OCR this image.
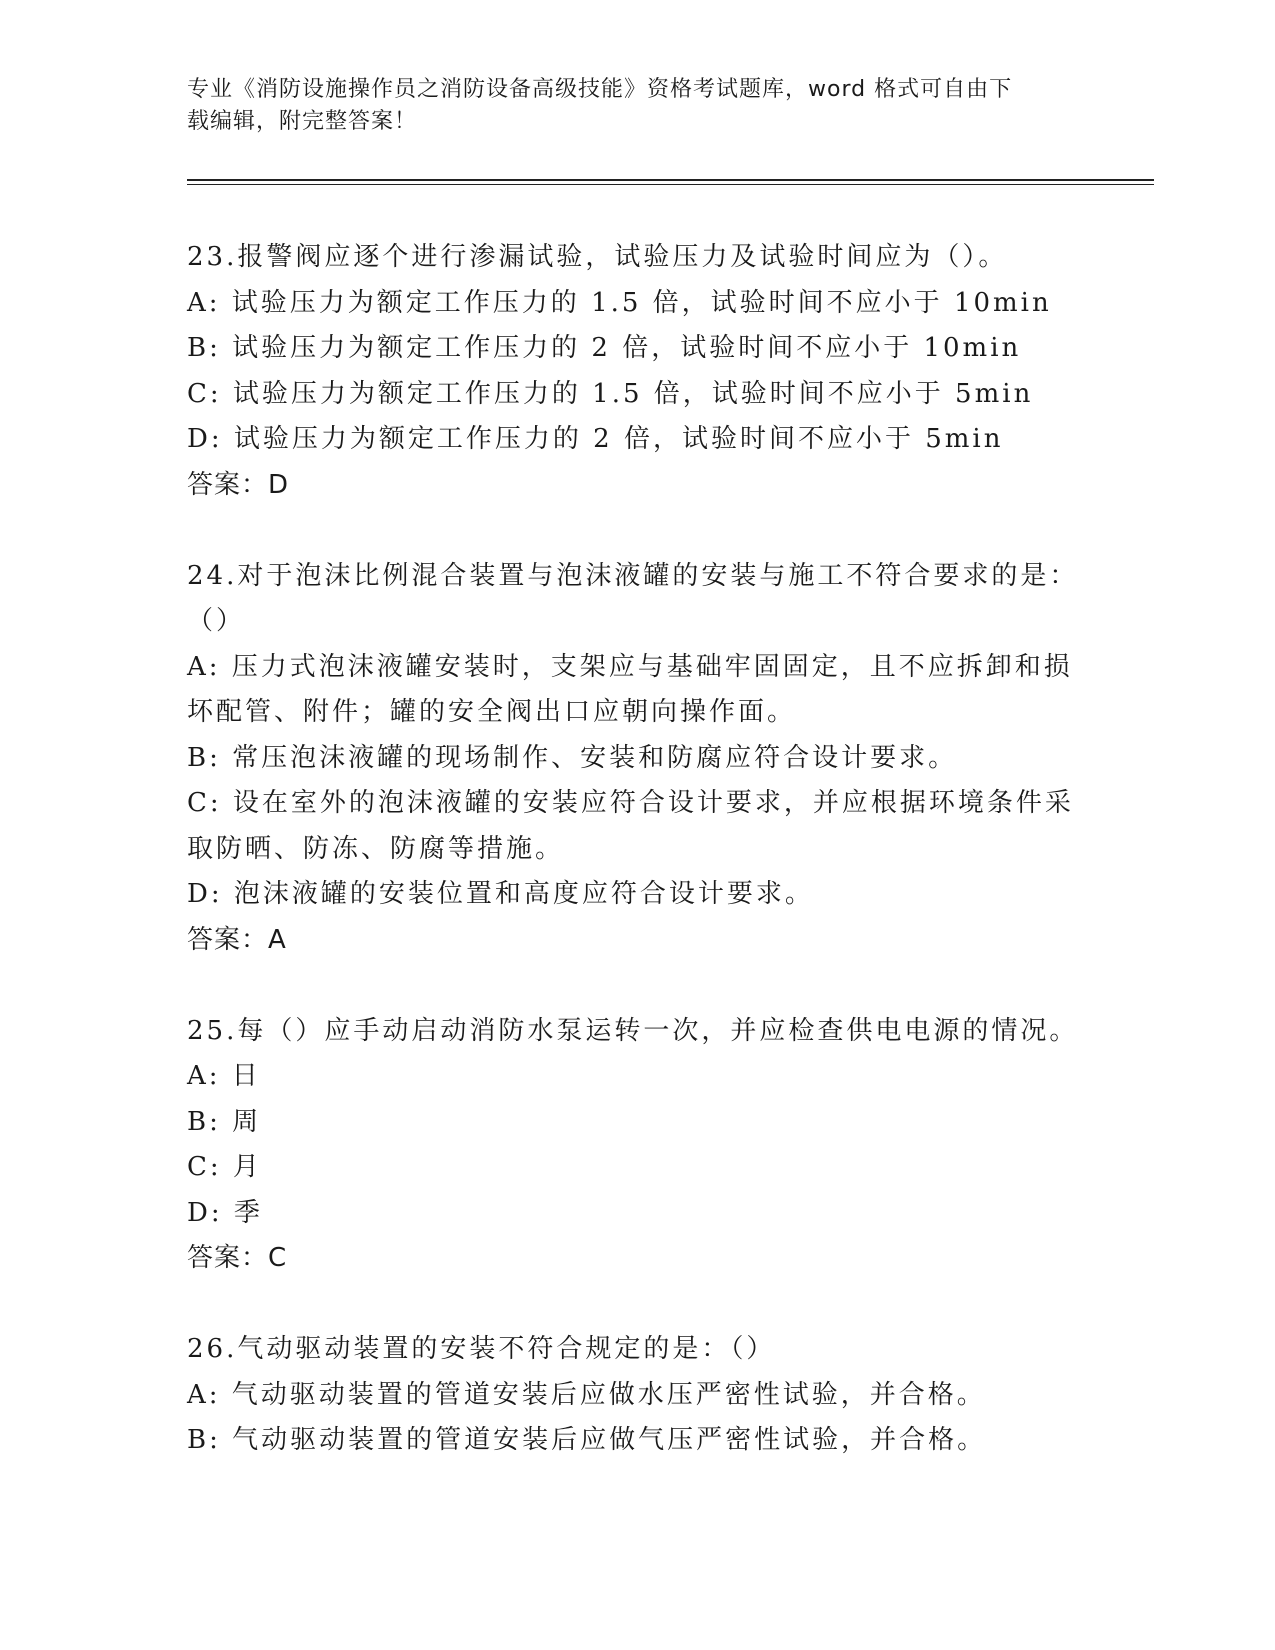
专业《消防设施操作员之消防设备高级技能》资格考试题库，word 格式可自由下
载编辑，附完整答案！
23.报警阀应逐个进行渗漏试验，试验压力及试验时间应为（）。
A: 试验压力为额定工作压力的 1.5 倍，试验时间不应小于 10min
B: 试验压力为额定工作压力的 2 倍，试验时间不应小于 10min
C: 试验压力为额定工作压力的 1.5 倍，试验时间不应小于 5min
D: 试验压力为额定工作压力的 2 倍，试验时间不应小于 5min
答案：D
24.对于泡沫比例混合装置与泡沫液罐的安装与施工不符合要求的是：
（）
A: 压力式泡沫液罐安装时，支架应与基础牢固固定，且不应拆卸和损
坏配管、附件；罐的安全阀出口应朝向操作面。
B: 常压泡沫液罐的现场制作、安装和防腐应符合设计要求。
C: 设在室外的泡沫液罐的安装应符合设计要求，并应根据环境条件采
取防晒、防冻、防腐等措施。
D: 泡沫液罐的安装位置和高度应符合设计要求。
答案：A
25.每（）应手动启动消防水泵运转一次，并应检查供电电源的情况。
A: 日
B: 周
C: 月
D: 季
答案：C
26.气动驱动装置的安装不符合规定的是：（）
A: 气动驱动装置的管道安装后应做水压严密性试验，并合格。
B: 气动驱动装置的管道安装后应做气压严密性试验，并合格。
